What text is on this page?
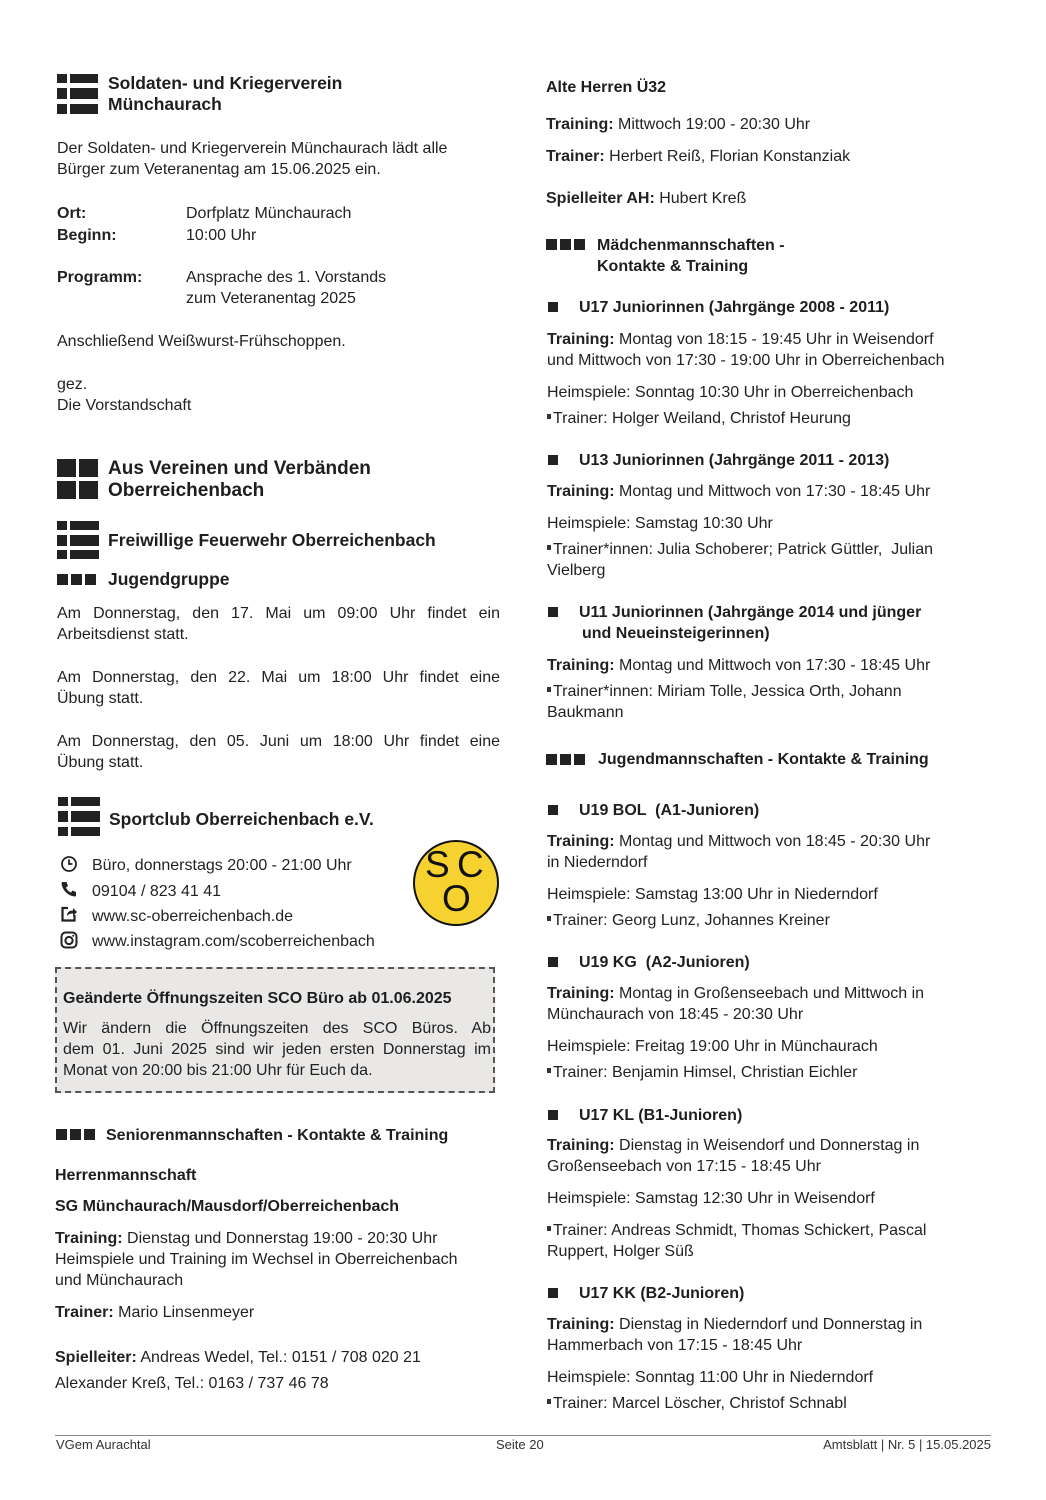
Soldaten- und Kriegerverein
Münchaurach
Der Soldaten- und Kriegerverein Münchaurach lädt alle
Bürger zum Veteranentag am 15.06.2025 ein.
Ort:	Dorfplatz Münchaurach
Beginn:	10:00 Uhr
Programm:	Ansprache des 1. Vorstands
zum Veteranentag 2025
Anschließend Weißwurst-Frühschoppen.
gez.
Die Vorstandschaft
Aus Vereinen und Verbänden
Oberreichenbach
Freiwillige Feuerwehr Oberreichenbach
Jugendgruppe
Am Donnerstag, den 17. Mai um 09:00 Uhr findet ein
Arbeitsdienst statt.
Am Donnerstag, den 22. Mai um 18:00 Uhr findet eine
Übung statt.
Am Donnerstag, den 05. Juni um 18:00 Uhr findet eine
Übung statt.
Sportclub Oberreichenbach e.V.
Büro, donnerstags 20:00 - 21:00 Uhr
09104 / 823 41 41
www.sc-oberreichenbach.de
www.instagram.com/scoberreichenbach
S C
O
Geänderte Öffnungszeiten SCO Büro ab 01.06.2025
Wir ändern die Öffnungszeiten des SCO Büros. Ab
dem 01. Juni 2025 sind wir jeden ersten Donnerstag im
Monat von 20:00 bis 21:00 Uhr für Euch da.
Seniorenmannschaften - Kontakte & Training
Herrenmannschaft
SG Münchaurach/Mausdorf/Oberreichenbach
Training: Dienstag und Donnerstag 19:00 - 20:30 Uhr
Heimspiele und Training im Wechsel in Oberreichenbach
und Münchaurach
Trainer: Mario Linsenmeyer
Spielleiter: Andreas Wedel, Tel.: 0151 / 708 020 21
Alexander Kreß, Tel.: 0163 / 737 46 78
Alte Herren Ü32
Training: Mittwoch 19:00 - 20:30 Uhr
Trainer: Herbert Reiß, Florian Konstanziak
Spielleiter AH: Hubert Kreß
Mädchenmannschaften -
Kontakte & Training
U17 Juniorinnen (Jahrgänge 2008 - 2011)
Training: Montag von 18:15 - 19:45 Uhr in Weisendorf
und Mittwoch von 17:30 - 19:00 Uhr in Oberreichenbach
Heimspiele: Sonntag 10:30 Uhr in Oberreichenbach
Trainer: Holger Weiland, Christof Heurung
U13 Juniorinnen (Jahrgänge 2011 - 2013)
Training: Montag und Mittwoch von 17:30 - 18:45 Uhr
Heimspiele: Samstag 10:30 Uhr
Trainer*innen: Julia Schoberer; Patrick Güttler,  Julian
Vielberg
U11 Juniorinnen (Jahrgänge 2014 und jünger
und Neueinsteigerinnen)
Training: Montag und Mittwoch von 17:30 - 18:45 Uhr
Trainer*innen: Miriam Tolle, Jessica Orth, Johann
Baukmann
Jugendmannschaften - Kontakte & Training
U19 BOL  (A1-Junioren)
Training: Montag und Mittwoch von 18:45 - 20:30 Uhr
in Niederndorf
Heimspiele: Samstag 13:00 Uhr in Niederndorf
Trainer: Georg Lunz, Johannes Kreiner
U19 KG  (A2-Junioren)
Training: Montag in Großenseebach und Mittwoch in
Münchaurach von 18:45 - 20:30 Uhr
Heimspiele: Freitag 19:00 Uhr in Münchaurach
Trainer: Benjamin Himsel, Christian Eichler
U17 KL (B1-Junioren)
Training: Dienstag in Weisendorf und Donnerstag in
Großenseebach von 17:15 - 18:45 Uhr
Heimspiele: Samstag 12:30 Uhr in Weisendorf
Trainer: Andreas Schmidt, Thomas Schickert, Pascal
Ruppert, Holger Süß
U17 KK (B2-Junioren)
Training: Dienstag in Niederndorf und Donnerstag in
Hammerbach von 17:15 - 18:45 Uhr
Heimspiele: Sonntag 11:00 Uhr in Niederndorf
Trainer: Marcel Löscher, Christof Schnabl
VGem Aurachtal	Seite 20	Amtsblatt | Nr. 5 | 15.05.2025
